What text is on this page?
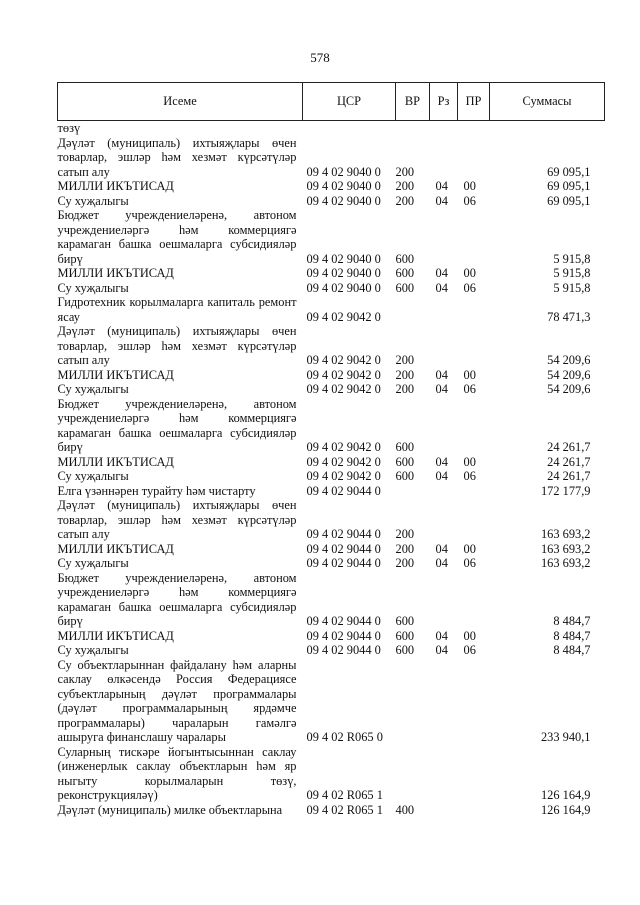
578
Исеме	ЦСР	ВР	Рз	ПР	Суммасы
төзү					
Дәүләт (муниципаль) ихтыяҗлары өчен товарлар, эшләр һәм хезмәт күрсәтүләр сатып алу	09 4 02 9040 0	200			69 095,1
МИЛЛИ ИКЪТИСАД	09 4 02 9040 0	200	04	00	69 095,1
Су хуҗалыгы	09 4 02 9040 0	200	04	06	69 095,1
Бюджет учреждениеләренә, автоном учреждениеләргә һәм коммерциягә карамаган башка оешмаларга субсидияләр бирү	09 4 02 9040 0	600			5 915,8
МИЛЛИ ИКЪТИСАД	09 4 02 9040 0	600	04	00	5 915,8
Су хуҗалыгы	09 4 02 9040 0	600	04	06	5 915,8
Гидротехник корылмаларга капиталь ремонт ясау	09 4 02 9042 0				78 471,3
Дәүләт (муниципаль) ихтыяҗлары өчен товарлар, эшләр һәм хезмәт күрсәтүләр сатып алу	09 4 02 9042 0	200			54 209,6
МИЛЛИ ИКЪТИСАД	09 4 02 9042 0	200	04	00	54 209,6
Су хуҗалыгы	09 4 02 9042 0	200	04	06	54 209,6
Бюджет учреждениеләренә, автоном учреждениеләргә һәм коммерциягә карамаган башка оешмаларга субсидияләр бирү	09 4 02 9042 0	600			24 261,7
МИЛЛИ ИКЪТИСАД	09 4 02 9042 0	600	04	00	24 261,7
Су хуҗалыгы	09 4 02 9042 0	600	04	06	24 261,7
Елга үзәннәрен турайту һәм чистарту	09 4 02 9044 0				172 177,9
Дәүләт (муниципаль) ихтыяҗлары өчен товарлар, эшләр һәм хезмәт күрсәтүләр сатып алу	09 4 02 9044 0	200			163 693,2
МИЛЛИ ИКЪТИСАД	09 4 02 9044 0	200	04	00	163 693,2
Су хуҗалыгы	09 4 02 9044 0	200	04	06	163 693,2
Бюджет учреждениеләренә, автоном учреждениеләргә һәм коммерциягә карамаган башка оешмаларга субсидияләр бирү	09 4 02 9044 0	600			8 484,7
МИЛЛИ ИКЪТИСАД	09 4 02 9044 0	600	04	00	8 484,7
Су хуҗалыгы	09 4 02 9044 0	600	04	06	8 484,7
Су объектларыннан файдалану һәм аларны саклау өлкәсендә Россия Федерациясе субъектларының дәүләт программалары (дәүләт программаларының ярдәмче программалары) чараларын гамәлгә ашыруга финанслашу чаралары	09 4 02 R065 0				233 940,1
Суларның тискәре йогынтысыннан саклау (инженерлык саклау объектларын һәм яр ныгыту корылмаларын төзү, реконструкцияләү)	09 4 02 R065 1				126 164,9
Дәүләт (муниципаль) милке объектларына	09 4 02 R065 1	400			126 164,9
